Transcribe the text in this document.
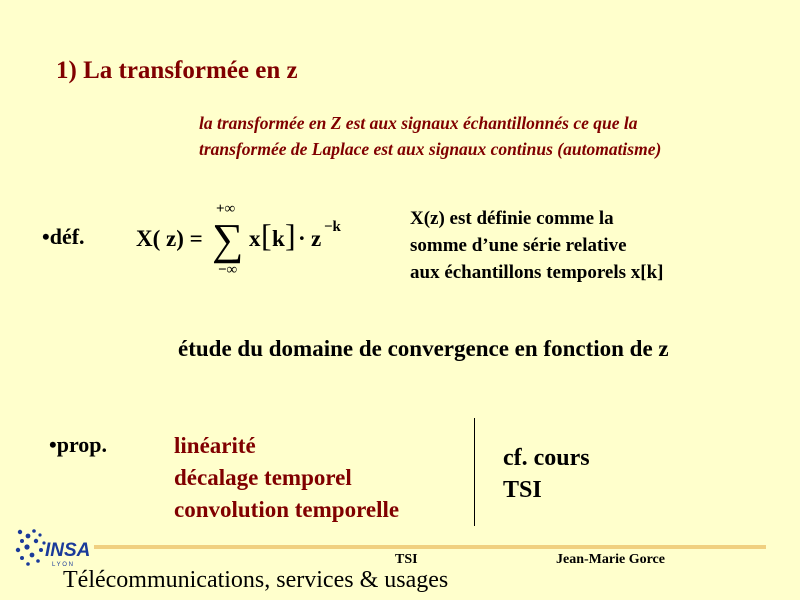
1) La transformée en z
la transformée en Z est aux signaux échantillonnés ce que la
transformée de Laplace est aux signaux continus (automatisme)
•déf. X( z) =
+∞
∑
−∞
x [ k ] · z −k	X(z) est définie comme la
somme d’une série relative
aux échantillons temporels x[k]
étude du domaine de convergence en fonction de z
•prop.	linéarité
décalage temporel
convolution temporelle
cf. cours
TSI
INSA
L Y O N	TSI	Jean-Marie Gorce
Télécommunications, services & usages
